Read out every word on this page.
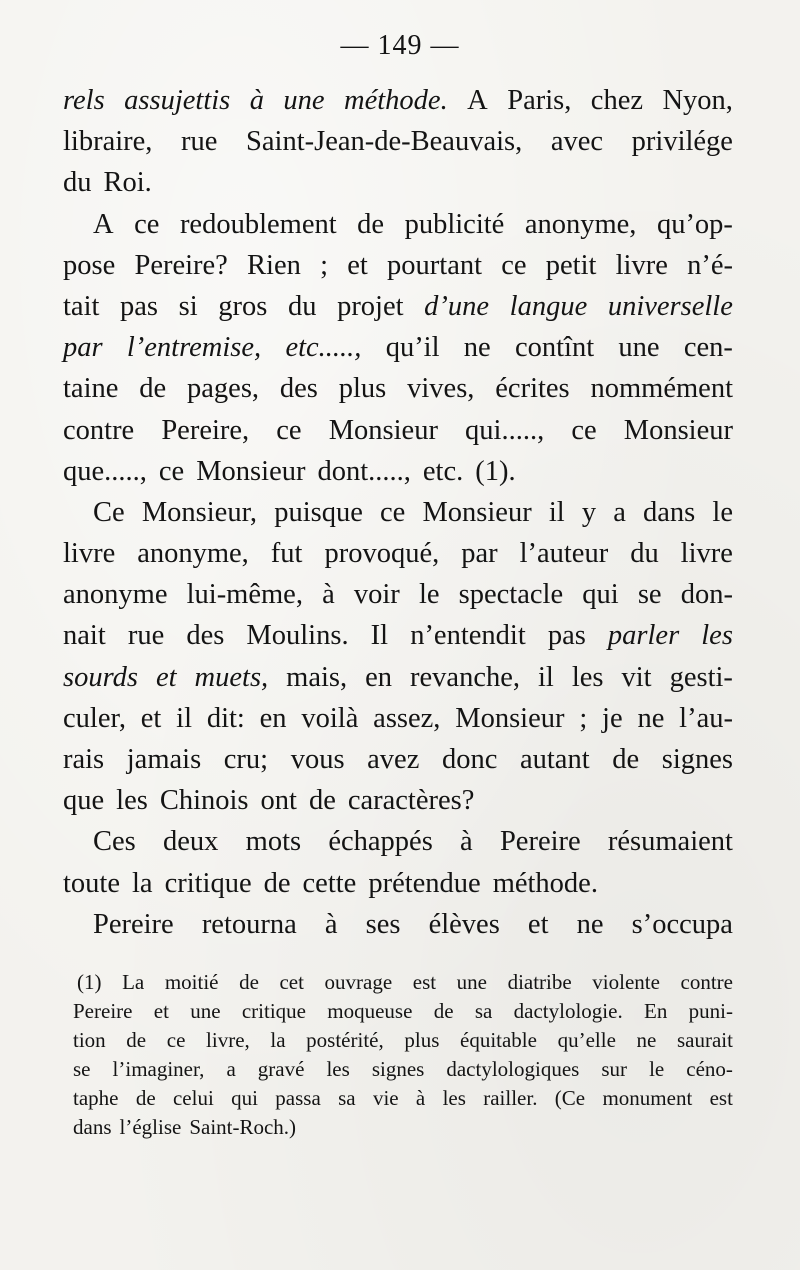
— 149 —
rels assujettis à une méthode. A Paris, chez Nyon,
libraire, rue Saint-Jean-de-Beauvais, avec privilége
du Roi.
A ce redoublement de publicité anonyme, qu’op-
pose Pereire? Rien ; et pourtant ce petit livre n’é-
tait pas si gros du projet d’une langue universelle
par l’entremise, etc....., qu’il ne contînt une cen-
taine de pages, des plus vives, écrites nommément
contre Pereire, ce Monsieur qui....., ce Monsieur
que....., ce Monsieur dont....., etc. (1).
Ce Monsieur, puisque ce Monsieur il y a dans le
livre anonyme, fut provoqué, par l’auteur du livre
anonyme lui-même, à voir le spectacle qui se don-
nait rue des Moulins. Il n’entendit pas parler les
sourds et muets, mais, en revanche, il les vit gesti-
culer, et il dit: en voilà assez, Monsieur ; je ne l’au-
rais jamais cru; vous avez donc autant de signes
que les Chinois ont de caractères?
Ces deux mots échappés à Pereire résumaient
toute la critique de cette prétendue méthode.
Pereire retourna à ses élèves et ne s’occupa
(1) La moitié de cet ouvrage est une diatribe violente contre
Pereire et une critique moqueuse de sa dactylologie. En puni-
tion de ce livre, la postérité, plus équitable qu’elle ne saurait
se l’imaginer, a gravé les signes dactylologiques sur le céno-
taphe de celui qui passa sa vie à les railler. (Ce monument est
dans l’église Saint-Roch.)
